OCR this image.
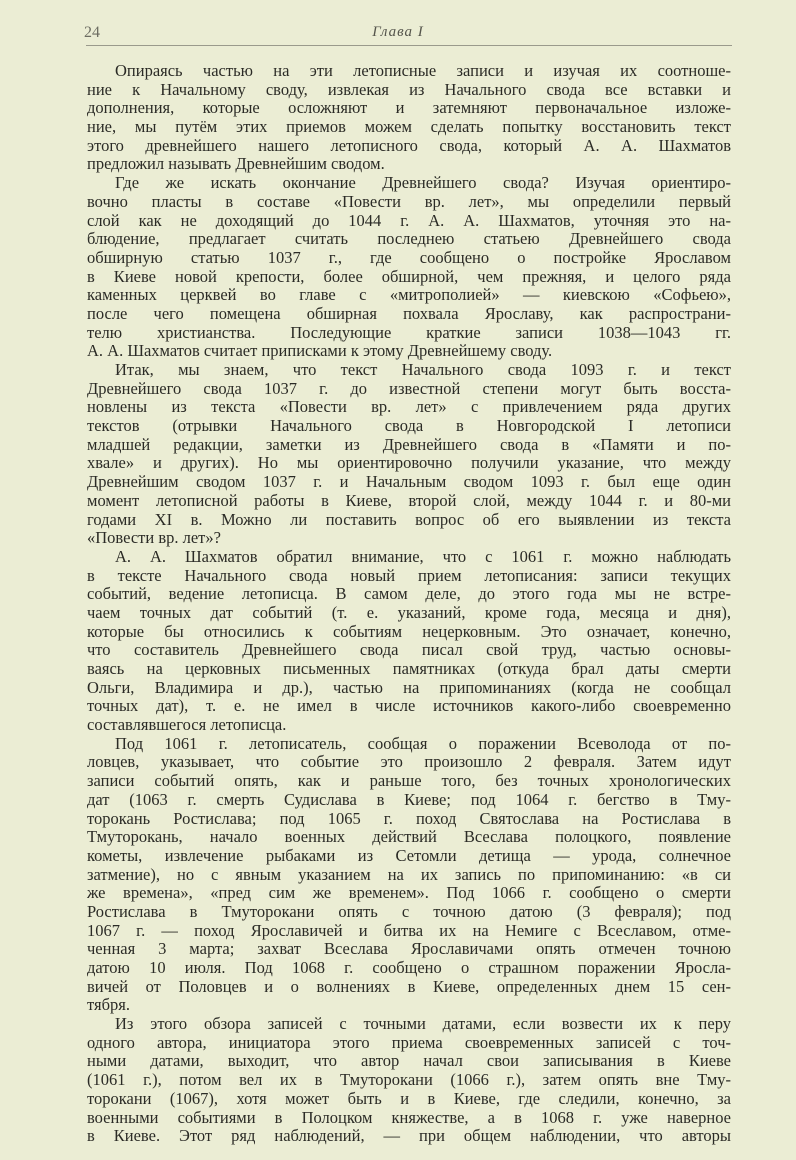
24	Глава I
Опираясь частью на эти летописные записи и изучая их соотноше-
ние к Начальному своду, извлекая из Начального свода все вставки и
дополнения, которые осложняют и затемняют первоначальное изложе-
ние, мы путём этих приемов можем сделать попытку восстановить текст
этого древнейшего нашего летописного свода, который А. А. Шахматов
предложил называть Древнейшим сводом.
Где же искать окончание Древнейшего свода? Изучая ориентиро-
вочно пласты в составе «Повести вр. лет», мы определили первый
слой как не доходящий до 1044 г. А. А. Шахматов, уточняя это на-
блюдение, предлагает считать последнею статьею Древнейшего свода
обширную статью 1037 г., где сообщено о постройке Ярославом
в Киеве новой крепости, более обширной, чем прежняя, и целого ряда
каменных церквей во главе с «митрополией» — киевскою «Софьею»,
после чего помещена обширная похвала Ярославу, как распространи-
телю христианства. Последующие краткие записи 1038—1043 гг.
А. А. Шахматов считает приписками к этому Древнейшему своду.
Итак, мы знаем, что текст Начального свода 1093 г. и текст
Древнейшего свода 1037 г. до известной степени могут быть восста-
новлены из текста «Повести вр. лет» с привлечением ряда других
текстов (отрывки Начального свода в Новгородской I летописи
младшей редакции, заметки из Древнейшего свода в «Памяти и по-
хвале» и других). Но мы ориентировочно получили указание, что между
Древнейшим сводом 1037 г. и Начальным сводом 1093 г. был еще один
момент летописной работы в Киеве, второй слой, между 1044 г. и 80-ми
годами XI в. Можно ли поставить вопрос об его выявлении из текста
«Повести вр. лет»?
А. А. Шахматов обратил внимание, что с 1061 г. можно наблюдать
в тексте Начального свода новый прием летописания: записи текущих
событий, ведение летописца. В самом деле, до этого года мы не встре-
чаем точных дат событий (т. е. указаний, кроме года, месяца и дня),
которые бы относились к событиям нецерковным. Это означает, конечно,
что составитель Древнейшего свода писал свой труд, частью основы-
ваясь на церковных письменных памятниках (откуда брал даты смерти
Ольги, Владимира и др.), частью на припоминаниях (когда не сообщал
точных дат), т. е. не имел в числе источников какого-либо своевременно
составлявшегося летописца.
Под 1061 г. летописатель, сообщая о поражении Всеволода от по-
ловцев, указывает, что событие это произошло 2 февраля. Затем идут
записи событий опять, как и раньше того, без точных хронологических
дат (1063 г. смерть Судислава в Киеве; под 1064 г. бегство в Тму-
торокань Ростислава; под 1065 г. поход Святослава на Ростислава в
Тмуторокань, начало военных действий Всеслава полоцкого, появление
кометы, извлечение рыбаками из Сетомли детища — урода, солнечное
затмение), но с явным указанием на их запись по припоминанию: «в си
же времена», «пред сим же временем». Под 1066 г. сообщено о смерти
Ростислава в Тмуторокани опять с точною датою (3 февраля); под
1067 г. — поход Ярославичей и битва их на Немиге с Всеславом, отме-
ченная 3 марта; захват Всеслава Ярославичами опять отмечен точною
датою 10 июля. Под 1068 г. сообщено о страшном поражении Яросла-
вичей от Половцев и о волнениях в Киеве, определенных днем 15 сен-
тября.
Из этого обзора записей с точными датами, если возвести их к перу
одного автора, инициатора этого приема своевременных записей с точ-
ными датами, выходит, что автор начал свои записывания в Киеве
(1061 г.), потом вел их в Тмуторокани (1066 г.), затем опять вне Тму-
торокани (1067), хотя может быть и в Киеве, где следили, конечно, за
военными событиями в Полоцком княжестве, а в 1068 г. уже наверное
в Киеве. Этот ряд наблюдений, — при общем наблюдении, что авторы
